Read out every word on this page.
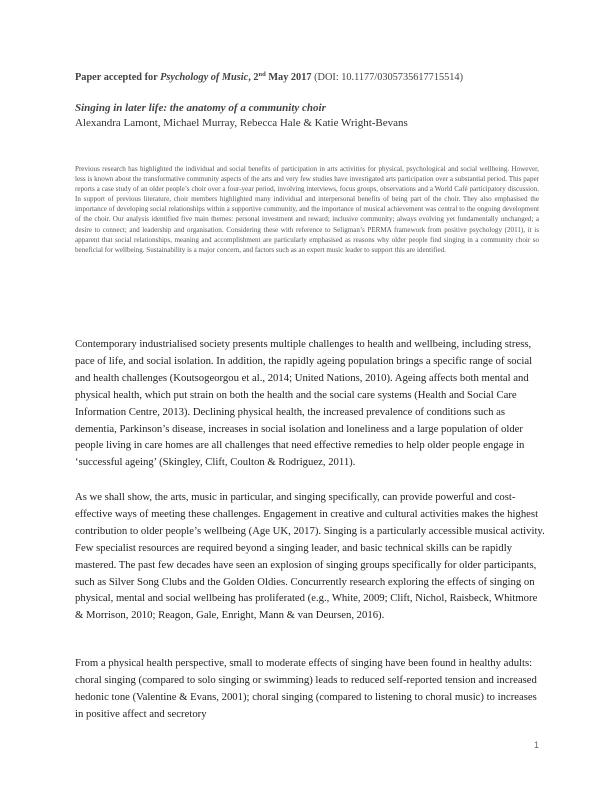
Paper accepted for Psychology of Music, 2nd May 2017 (DOI: 10.1177/0305735617715514)
Singing in later life: the anatomy of a community choir
Alexandra Lamont, Michael Murray, Rebecca Hale & Katie Wright-Bevans

Previous research has highlighted the individual and social benefits of participation in arts activities for physical, psychological and social wellbeing. However, less is known about the transformative community aspects of the arts and very few studies have investigated arts participation over a substantial period. This paper reports a case study of an older people’s choir over a four-year period, involving interviews, focus groups, observations and a World Café participatory discussion. In support of previous literature, choir members highlighted many individual and interpersonal benefits of being part of the choir. They also emphasised the importance of developing social relationships within a supportive community, and the importance of musical achievement was central to the ongoing development of the choir. Our analysis identified five main themes: personal investment and reward; inclusive community; always evolving yet fundamentally unchanged; a desire to connect; and leadership and organisation. Considering these with reference to Seligman’s PERMA framework from positive psychology (2011), it is apparent that social relationships, meaning and accomplishment are particularly emphasised as reasons why older people find singing in a community choir so beneficial for wellbeing. Sustainability is a major concern, and factors such as an expert music leader to support this are identified.

Contemporary industrialised society presents multiple challenges to health and wellbeing, including stress, pace of life, and social isolation. In addition, the rapidly ageing population brings a specific range of social and health challenges (Koutsogeorgou et al., 2014; United Nations, 2010). Ageing affects both mental and physical health, which put strain on both the health and the social care systems (Health and Social Care Information Centre, 2013). Declining physical health, the increased prevalence of conditions such as dementia, Parkinson’s disease, increases in social isolation and loneliness and a large population of older people living in care homes are all challenges that need effective remedies to help older people engage in ‘successful ageing’ (Skingley, Clift, Coulton & Rodriguez, 2011).

As we shall show, the arts, music in particular, and singing specifically, can provide powerful and cost-effective ways of meeting these challenges. Engagement in creative and cultural activities makes the highest contribution to older people’s wellbeing (Age UK, 2017). Singing is a particularly accessible musical activity. Few specialist resources are required beyond a singing leader, and basic technical skills can be rapidly mastered. The past few decades have seen an explosion of singing groups specifically for older participants, such as Silver Song Clubs and the Golden Oldies. Concurrently research exploring the effects of singing on physical, mental and social wellbeing has proliferated (e.g., White, 2009; Clift, Nichol, Raisbeck, Whitmore & Morrison, 2010; Reagon, Gale, Enright, Mann & van Deursen, 2016).

From a physical health perspective, small to moderate effects of singing have been found in healthy adults: choral singing (compared to solo singing or swimming) leads to reduced self-reported tension and increased hedonic tone (Valentine & Evans, 2001); choral singing (compared to listening to choral music) to increases in positive affect and secretory

1
